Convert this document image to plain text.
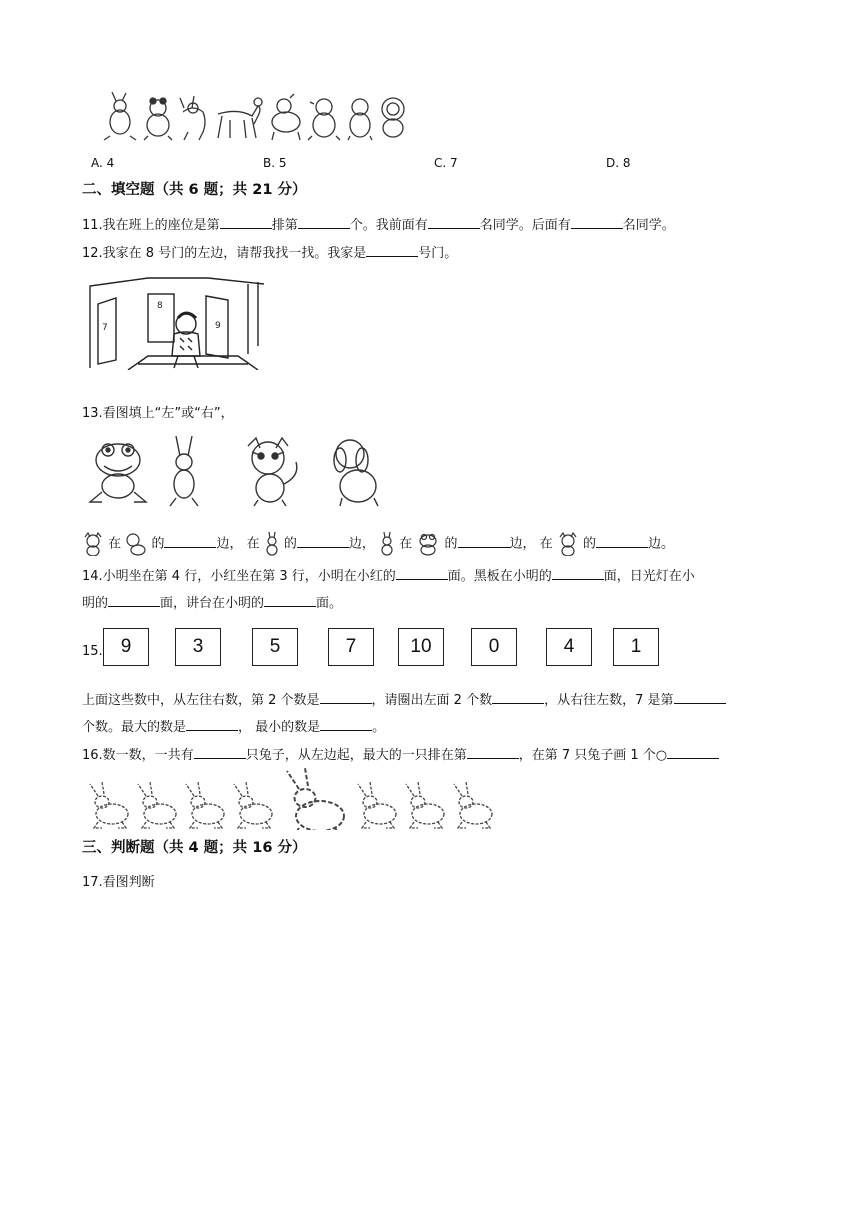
A. 4	B. 5	C. 7	D. 8
二、填空题（共 6 题；共 21 分）
11.我在班上的座位是第	排第	个。我前面有	名同学。后面有	名同学。
12.我家在 8 号门的左边，请帮我找一找。我家是	号门。
7
8
9
13.看图填上“左”或“右”，
在 的	边， 在 的	边， 在 的	边， 在 的	边。
14.小明坐在第 4 行，小红坐在第 3 行，小明在小红的	面。黑板在小明的	面，日光灯在小
明的	面，讲台在小明的	面。
15. 9	3	5	7	10	0	4	1
上面这些数中，从左往右数，第 2 个数是	，请圈出左面 2 个数	，从右往左数，7 是第
个数。最大的数是	， 最小的数是	。
16.数一数，一共有	只兔子，从左边起，最大的一只排在第	，在第 7 只兔子画 1 个○
三、判断题（共 4 题；共 16 分）
17.看图判断
